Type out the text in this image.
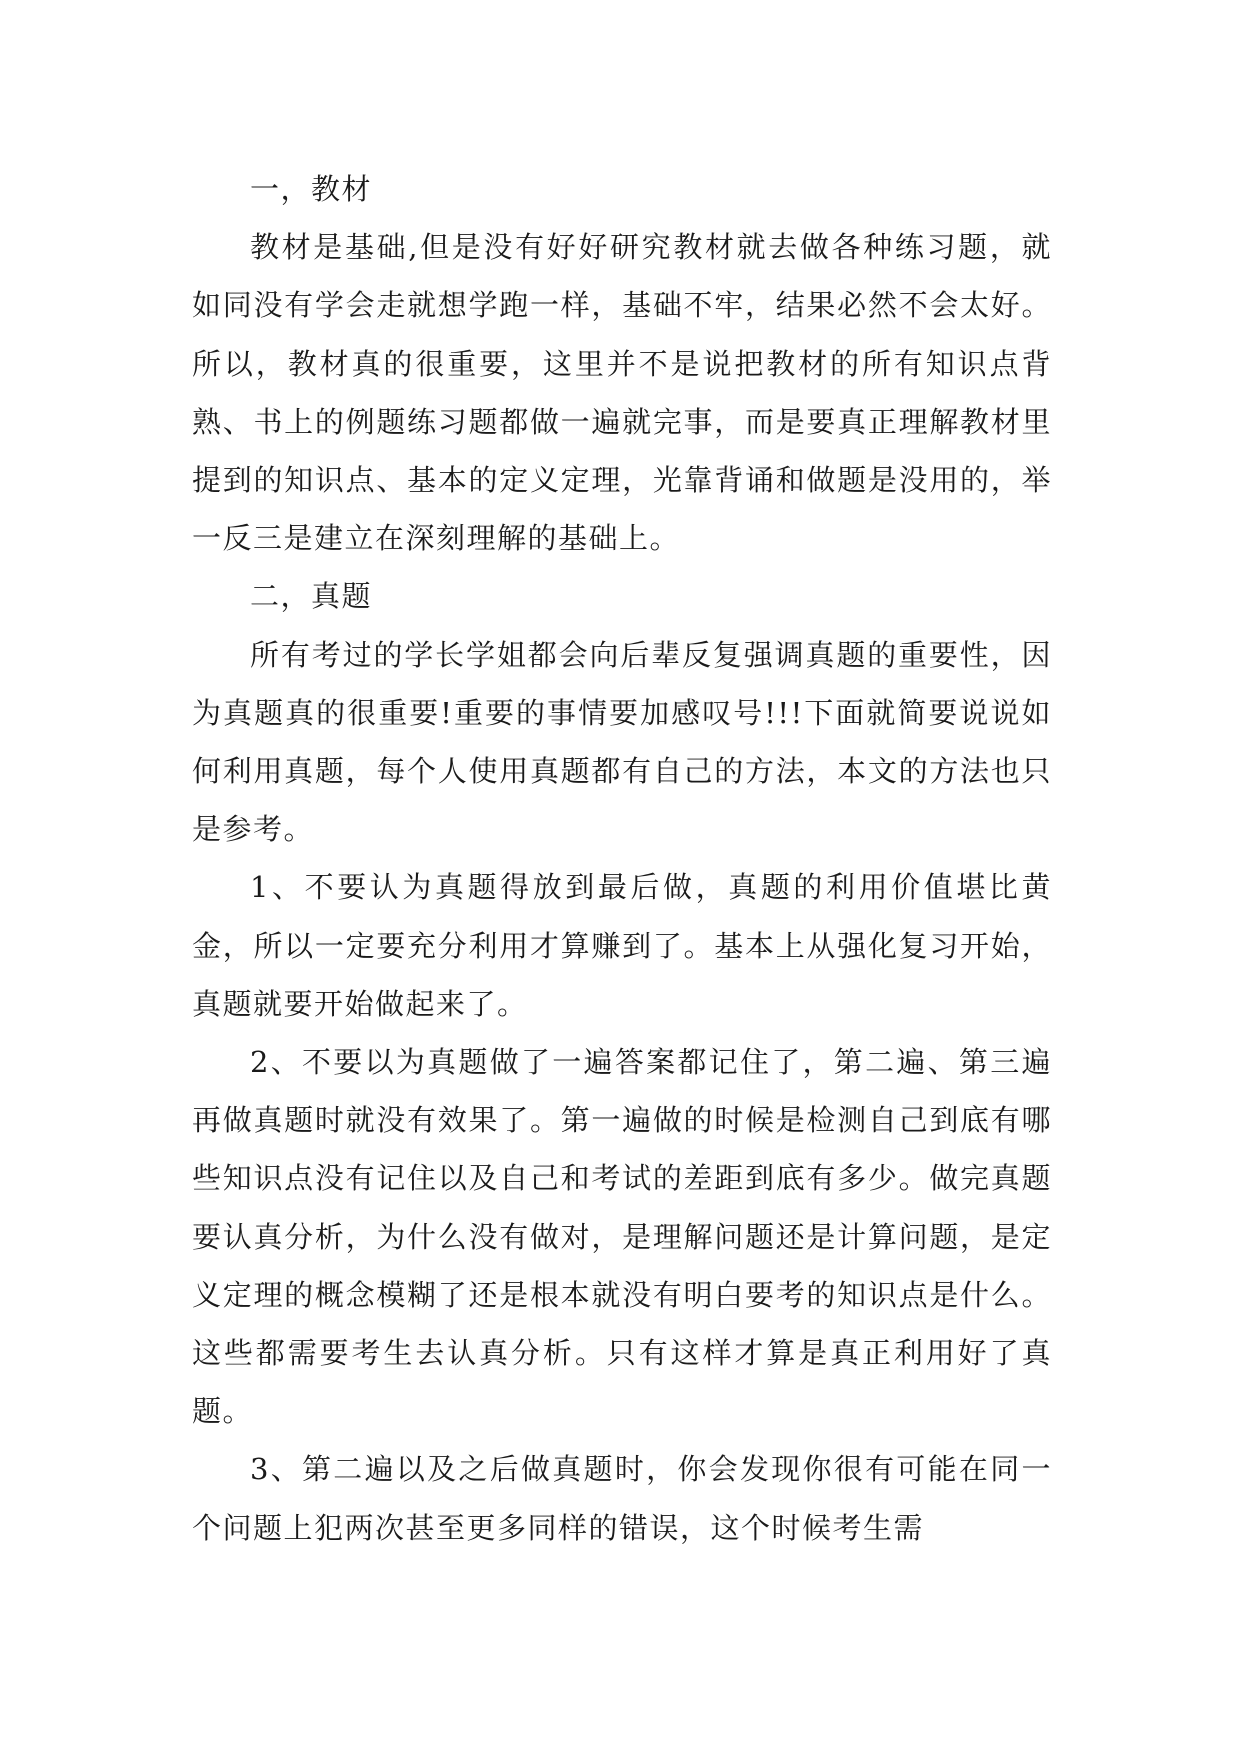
一，教材

教材是基础,但是没有好好研究教材就去做各种练习题，就如同没有学会走就想学跑一样，基础不牢，结果必然不会太好。所以，教材真的很重要，这里并不是说把教材的所有知识点背熟、书上的例题练习题都做一遍就完事，而是要真正理解教材里提到的知识点、基本的定义定理，光靠背诵和做题是没用的，举一反三是建立在深刻理解的基础上。

二，真题

所有考过的学长学姐都会向后辈反复强调真题的重要性，因为真题真的很重要!重要的事情要加感叹号!!!下面就简要说说如何利用真题，每个人使用真题都有自己的方法，本文的方法也只是参考。

1、不要认为真题得放到最后做，真题的利用价值堪比黄金，所以一定要充分利用才算赚到了。基本上从强化复习开始，真题就要开始做起来了。

2、不要以为真题做了一遍答案都记住了，第二遍、第三遍再做真题时就没有效果了。第一遍做的时候是检测自己到底有哪些知识点没有记住以及自己和考试的差距到底有多少。做完真题要认真分析，为什么没有做对，是理解问题还是计算问题，是定义定理的概念模糊了还是根本就没有明白要考的知识点是什么。这些都需要考生去认真分析。只有这样才算是真正利用好了真题。

3、第二遍以及之后做真题时，你会发现你很有可能在同一个问题上犯两次甚至更多同样的错误，这个时候考生需
